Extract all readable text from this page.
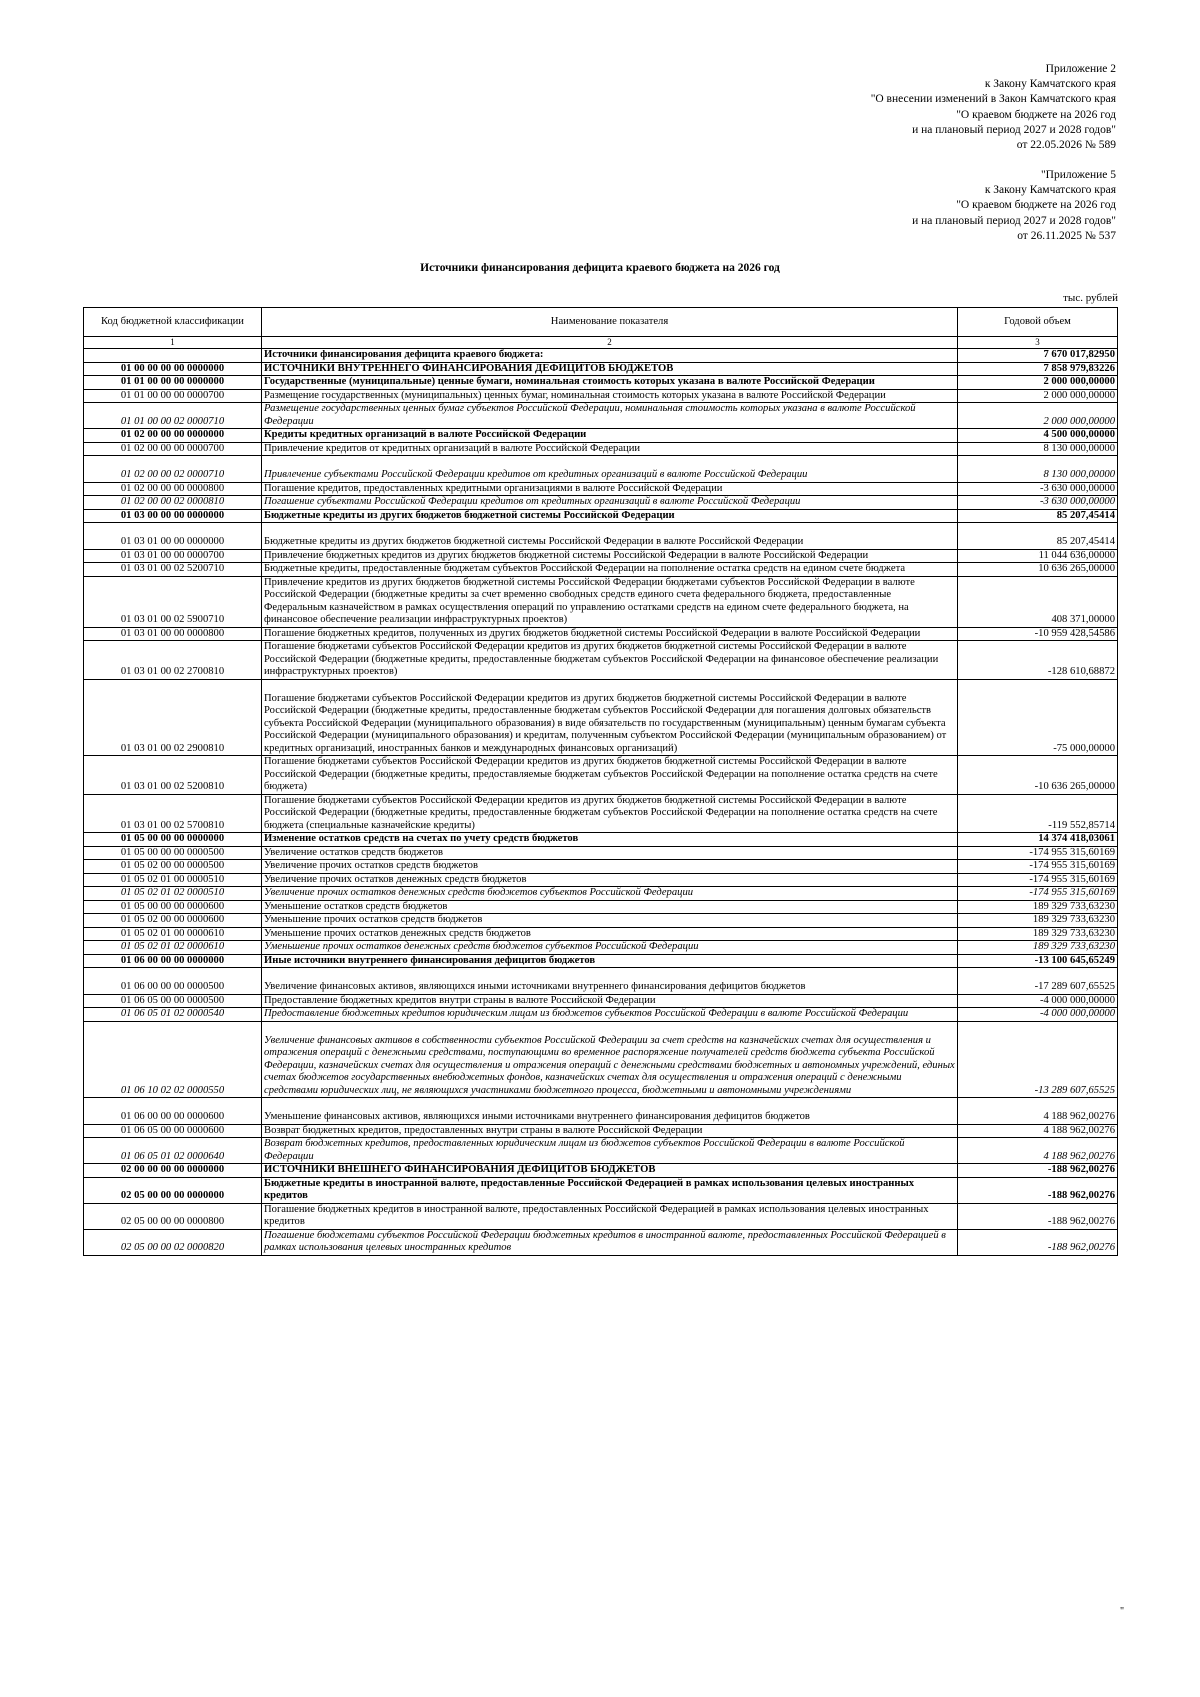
Приложение 2
к Закону Камчатского края
"О внесении изменений в Закон Камчатского края
"О краевом бюджете на 2026 год
и на плановый период 2027 и 2028 годов"
от 22.05.2026 № 589
"Приложение 5
к Закону Камчатского края
"О краевом бюджете на 2026 год
и на плановый период 2027 и 2028 годов"
от 26.11.2025 № 537
Источники финансирования дефицита краевого бюджета на 2026 год
тыс. рублей
Код бюджетной классификации	Наименование показателя	Годовой объем
1	2	3
	Источники финансирования дефицита краевого бюджета:	7 670 017,82950
01 00 00 00 00 0000000	ИСТОЧНИКИ ВНУТРЕННЕГО ФИНАНСИРОВАНИЯ ДЕФИЦИТОВ БЮДЖЕТОВ	7 858 979,83226
01 01 00 00 00 0000000	Государственные (муниципальные) ценные бумаги, номинальная стоимость которых указана в валюте Российской Федерации	2 000 000,00000
01 01 00 00 00 0000700	Размещение государственных (муниципальных) ценных бумаг, номинальная стоимость которых указана в валюте Российской Федерации	2 000 000,00000
01 01 00 00 02 0000710	Размещение государственных ценных бумаг субъектов Российской Федерации, номинальная стоимость которых указана в валюте Российской Федерации	2 000 000,00000
01 02 00 00 00 0000000	Кредиты кредитных организаций в валюте Российской Федерации	4 500 000,00000
01 02 00 00 00 0000700	Привлечение кредитов от кредитных организаций в валюте Российской Федерации	8 130 000,00000
01 02 00 00 02 0000710	Привлечение субъектами Российской Федерации кредитов от кредитных организаций в валюте Российской Федерации	8 130 000,00000
01 02 00 00 00 0000800	Погашение кредитов, предоставленных кредитными организациями в валюте Российской Федерации	-3 630 000,00000
01 02 00 00 02 0000810	Погашение субъектами Российской Федерации кредитов от кредитных организаций в валюте Российской Федерации	-3 630 000,00000
01 03 00 00 00 0000000	Бюджетные кредиты из других бюджетов бюджетной системы Российской Федерации	85 207,45414
01 03 01 00 00 0000000	Бюджетные кредиты из других бюджетов бюджетной системы Российской Федерации в валюте Российской Федерации	85 207,45414
01 03 01 00 00 0000700	Привлечение бюджетных кредитов из других бюджетов бюджетной системы Российской Федерации в валюте Российской Федерации	11 044 636,00000
01 03 01 00 02 5200710	Бюджетные кредиты, предоставленные бюджетам субъектов Российской Федерации на пополнение остатка средств на едином счете бюджета	10 636 265,00000
01 03 01 00 02 5900710	Привлечение кредитов из других бюджетов бюджетной системы Российской Федерации бюджетами субъектов Российской Федерации в валюте Российской Федерации (бюджетные кредиты за счет временно свободных средств единого счета федерального бюджета, предоставленные Федеральным казначейством в рамках осуществления операций по управлению остатками средств на едином счете федерального бюджета, на финансовое обеспечение реализации инфраструктурных проектов)	408 371,00000
01 03 01 00 00 0000800	Погашение бюджетных кредитов, полученных из других бюджетов бюджетной системы Российской Федерации в валюте Российской Федерации	-10 959 428,54586
01 03 01 00 02 2700810	Погашение бюджетами субъектов Российской Федерации кредитов из других бюджетов бюджетной системы Российской Федерации в валюте Российской Федерации (бюджетные кредиты, предоставленные бюджетам субъектов Российской Федерации на финансовое обеспечение реализации инфраструктурных проектов)	-128 610,68872
01 03 01 00 02 2900810	Погашение бюджетами субъектов Российской Федерации кредитов из других бюджетов бюджетной системы Российской Федерации в валюте Российской Федерации (бюджетные кредиты, предоставленные бюджетам субъектов Российской Федерации для погашения долговых обязательств субъекта Российской Федерации (муниципального образования) в виде обязательств по государственным (муниципальным) ценным бумагам субъекта Российской Федерации (муниципального образования) и кредитам, полученным субъектом Российской Федерации (муниципальным образованием) от кредитных организаций, иностранных банков и международных финансовых организаций)	-75 000,00000
01 03 01 00 02 5200810	Погашение бюджетами субъектов Российской Федерации кредитов из других бюджетов бюджетной системы Российской Федерации в валюте Российской Федерации (бюджетные кредиты, предоставляемые бюджетам субъектов Российской Федерации на пополнение остатка средств на счете бюджета)	-10 636 265,00000
01 03 01 00 02 5700810	Погашение бюджетами субъектов Российской Федерации кредитов из других бюджетов бюджетной системы Российской Федерации в валюте Российской Федерации (бюджетные кредиты, предоставленные бюджетам субъектов Российской Федерации на пополнение остатка средств на счете бюджета (специальные казначейские кредиты)	-119 552,85714
01 05 00 00 00 0000000	Изменение остатков средств на счетах по учету средств бюджетов	14 374 418,03061
01 05 00 00 00 0000500	Увеличение остатков средств бюджетов	-174 955 315,60169
01 05 02 00 00 0000500	Увеличение прочих остатков средств бюджетов	-174 955 315,60169
01 05 02 01 00 0000510	Увеличение прочих остатков денежных средств бюджетов	-174 955 315,60169
01 05 02 01 02 0000510	Увеличение прочих остатков денежных средств бюджетов субъектов Российской Федерации	-174 955 315,60169
01 05 00 00 00 0000600	Уменьшение остатков средств бюджетов	189 329 733,63230
01 05 02 00 00 0000600	Уменьшение прочих остатков средств бюджетов	189 329 733,63230
01 05 02 01 00 0000610	Уменьшение прочих остатков денежных средств бюджетов	189 329 733,63230
01 05 02 01 02 0000610	Уменьшение прочих остатков денежных средств бюджетов субъектов Российской Федерации	189 329 733,63230
01 06 00 00 00 0000000	Иные источники внутреннего финансирования дефицитов бюджетов	-13 100 645,65249
01 06 00 00 00 0000500	Увеличение финансовых активов, являющихся иными источниками внутреннего финансирования дефицитов бюджетов	-17 289 607,65525
01 06 05 00 00 0000500	Предоставление бюджетных кредитов внутри страны в валюте Российской Федерации	-4 000 000,00000
01 06 05 01 02 0000540	Предоставление бюджетных кредитов юридическим лицам из бюджетов субъектов Российской Федерации в валюте Российской Федерации	-4 000 000,00000
01 06 10 02 02 0000550	Увеличение финансовых активов в собственности субъектов Российской Федерации за счет средств на казначейских счетах для осуществления и отражения операций с денежными средствами, поступающими во временное распоряжение получателей средств бюджета субъекта Российской Федерации, казначейских счетах для осуществления и отражения операций с денежными средствами бюджетных и автономных учреждений, единых счетах бюджетов государственных внебюджетных фондов, казначейских счетах для осуществления и отражения операций с денежными средствами юридических лиц, не являющихся участниками бюджетного процесса, бюджетными и автономными учреждениями	-13 289 607,65525
01 06 00 00 00 0000600	Уменьшение финансовых активов, являющихся иными источниками внутреннего финансирования дефицитов бюджетов	4 188 962,00276
01 06 05 00 00 0000600	Возврат бюджетных кредитов, предоставленных внутри страны в валюте Российской Федерации	4 188 962,00276
01 06 05 01 02 0000640	Возврат бюджетных кредитов, предоставленных юридическим лицам из бюджетов субъектов Российской Федерации в валюте Российской Федерации	4 188 962,00276
02 00 00 00 00 0000000	ИСТОЧНИКИ ВНЕШНЕГО ФИНАНСИРОВАНИЯ ДЕФИЦИТОВ БЮДЖЕТОВ	-188 962,00276
02 05 00 00 00 0000000	Бюджетные кредиты в иностранной валюте, предоставленные Российской Федерацией в рамках использования целевых иностранных кредитов	-188 962,00276
02 05 00 00 00 0000800	Погашение бюджетных кредитов в иностранной валюте, предоставленных Российской Федерацией в рамках использования целевых иностранных кредитов	-188 962,00276
02 05 00 00 02 0000820	Погашение бюджетами субъектов Российской Федерации бюджетных кредитов в иностранной валюте, предоставленных Российской Федерацией в рамках использования целевых иностранных кредитов	-188 962,00276
"
